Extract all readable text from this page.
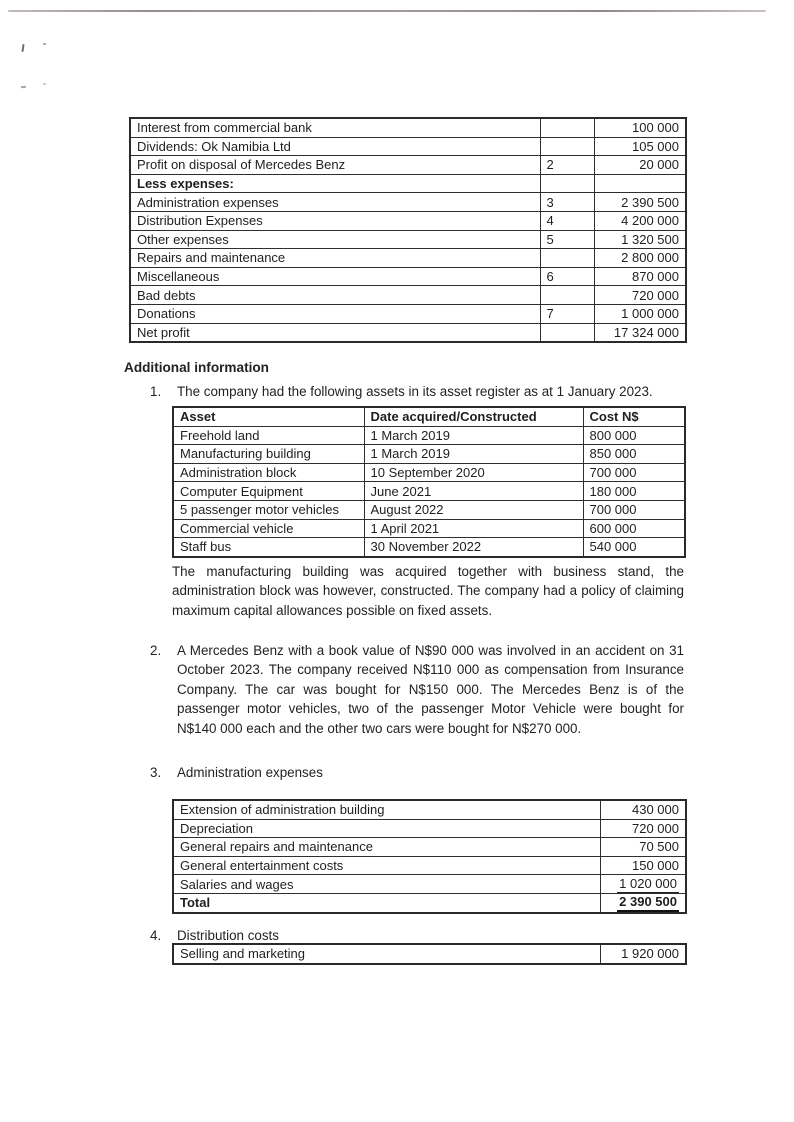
Interest from commercial bank		100 000
Dividends: Ok Namibia Ltd		105 000
Profit on disposal of Mercedes Benz	2	20 000
Less expenses:		
Administration expenses	3	2 390 500
Distribution Expenses	4	4 200 000
Other expenses	5	1 320 500
Repairs and maintenance		2 800 000
Miscellaneous	6	870 000
Bad debts		720 000
Donations	7	1 000 000
Net profit		17 324 000
Additional information
1.	The company had the following assets in its asset register as at 1 January 2023.
Asset	Date acquired/Constructed	Cost N$
Freehold land	1 March 2019	800 000
Manufacturing building	1 March 2019	850 000
Administration block	10 September 2020	700 000
Computer Equipment	June 2021	180 000
5 passenger motor vehicles	August 2022	700 000
Commercial vehicle	1 April 2021	600 000
Staff bus	30 November 2022	540 000
The manufacturing building was acquired together with business stand, the administration block was however, constructed. The company had a policy of claiming maximum capital allowances possible on fixed assets.
2.	A Mercedes Benz with a book value of N$90 000 was involved in an accident on 31 October 2023. The company received N$110 000 as compensation from Insurance Company. The car was bought for N$150 000. The Mercedes Benz is of the passenger motor vehicles, two of the passenger Motor Vehicle were bought for N$140 000 each and the other two cars were bought for N$270 000.
3.	Administration expenses
Extension of administration building	430 000
Depreciation	720 000
General repairs and maintenance	70 500
General entertainment costs	150 000
Salaries and wages	1 020 000
Total	2 390 500
4.	Distribution costs
Selling and marketing	1 920 000
